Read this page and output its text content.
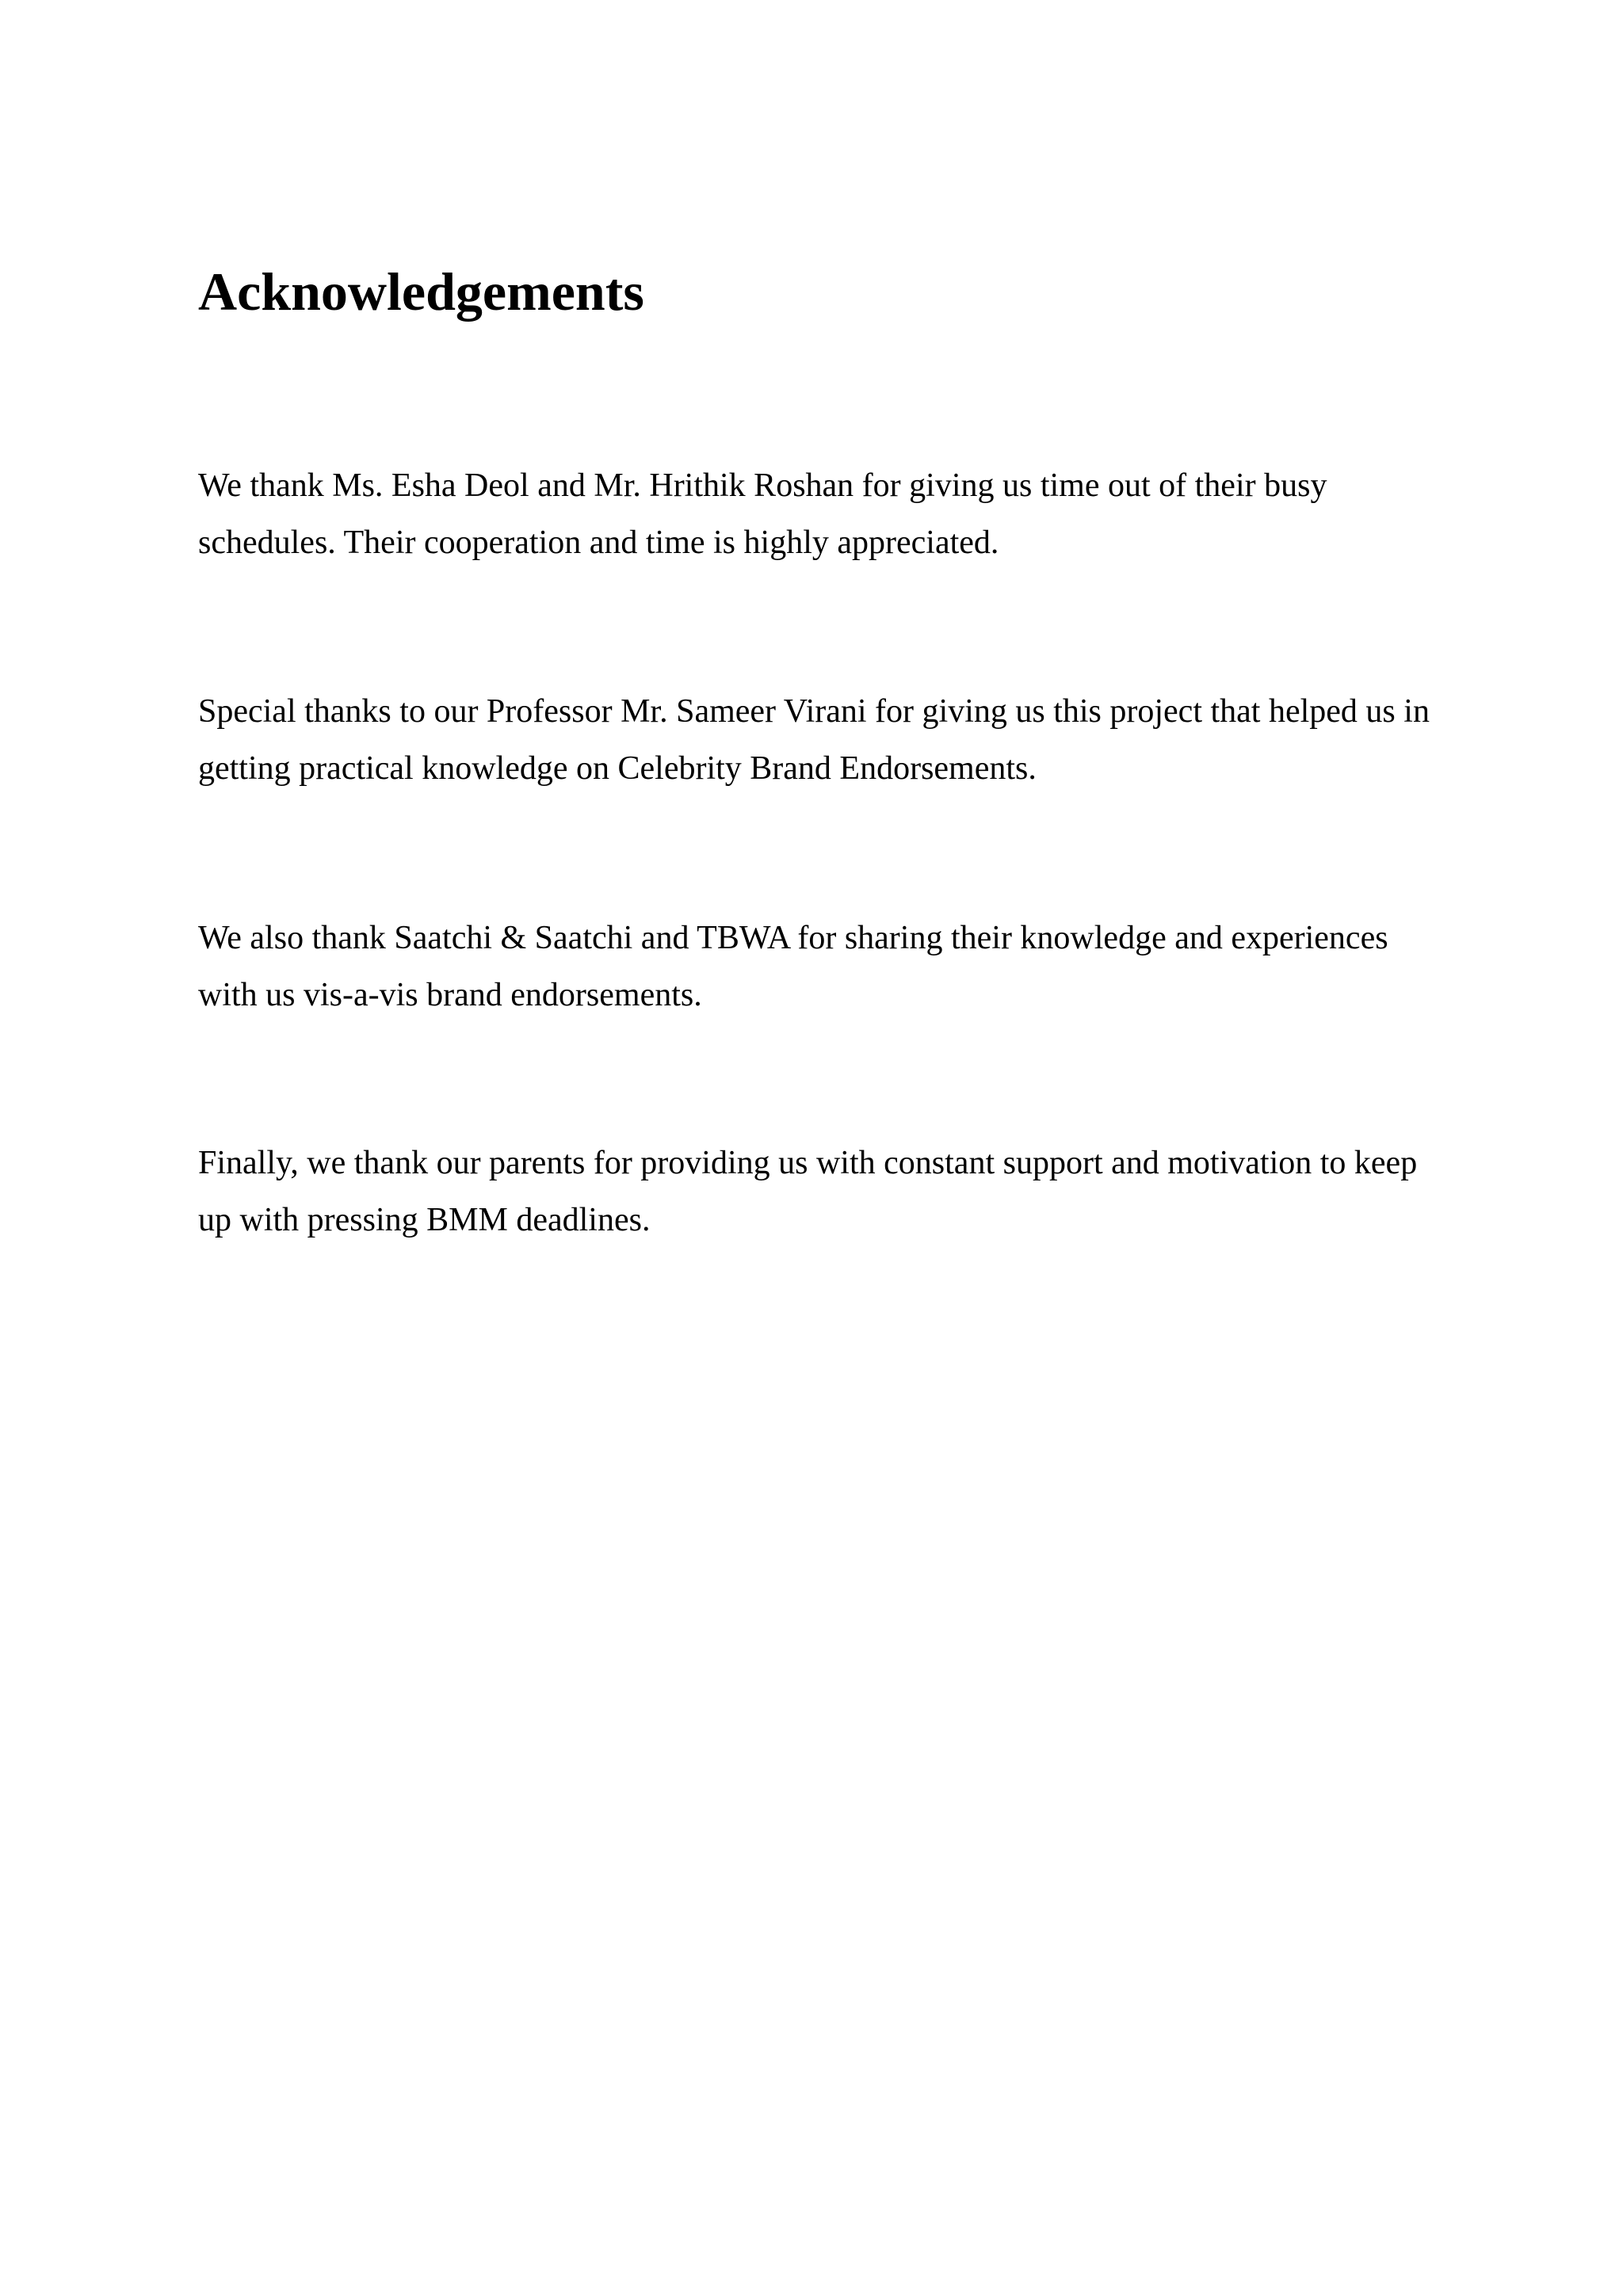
Acknowledgements

We thank Ms. Esha Deol and Mr. Hrithik Roshan for giving us time out of their busy schedules. Their cooperation and time is highly appreciated.

Special thanks to our Professor Mr. Sameer Virani for giving us this project that helped us in getting practical knowledge on Celebrity Brand Endorsements.

We also thank Saatchi & Saatchi and TBWA for sharing their knowledge and experiences with us vis-a-vis brand endorsements.

Finally, we thank our parents for providing us with constant support and motivation to keep up with pressing BMM deadlines.
